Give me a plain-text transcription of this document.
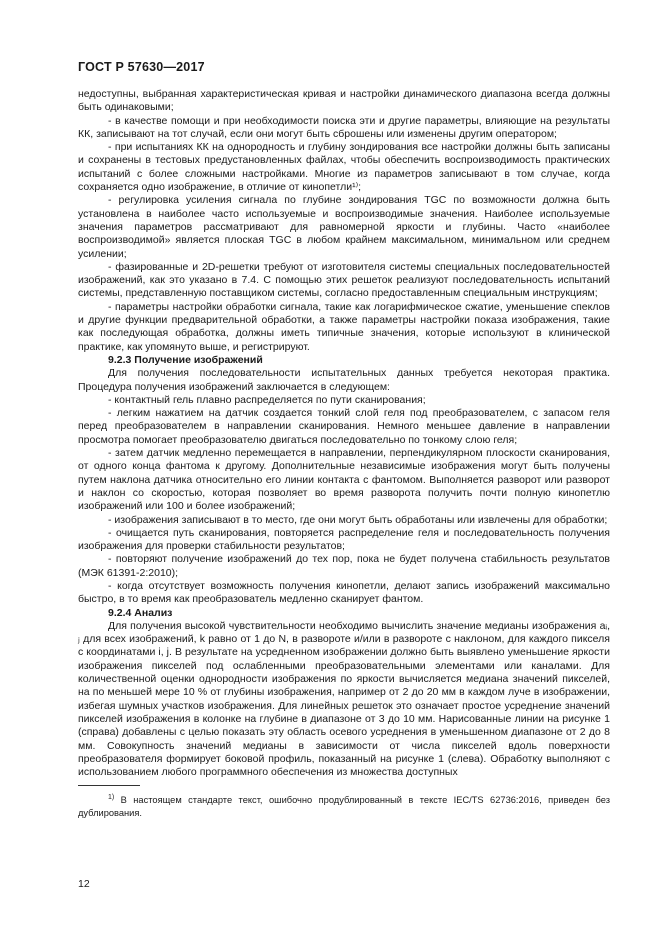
ГОСТ Р 57630—2017

недоступны, выбранная характеристическая кривая и настройки динамического диапазона всегда должны быть одинаковыми;

- в качестве помощи и при необходимости поиска эти и другие параметры, влияющие на результаты КК, записывают на тот случай, если они могут быть сброшены или изменены другим оператором;

- при испытаниях КК на однородность и глубину зондирования все настройки должны быть записаны и сохранены в тестовых предустановленных файлах, чтобы обеспечить воспроизводимость практических испытаний с более сложными настройками. Многие из параметров записывают в том случае, когда сохраняется одно изображение, в отличие от кинопетли¹⁾;

- регулировка усиления сигнала по глубине зондирования TGC по возможности должна быть установлена в наиболее часто используемые и воспроизводимые значения. Наиболее используемые значения параметров рассматривают для равномерной яркости и глубины. Часто «наиболее воспроизводимой» является плоская TGC в любом крайнем максимальном, минимальном или среднем усилении;

- фазированные и 2D-решетки требуют от изготовителя системы специальных последовательностей изображений, как это указано в 7.4. С помощью этих решеток реализуют последовательность испытаний системы, представленную поставщиком системы, согласно предоставленным специальным инструкциям;

- параметры настройки обработки сигнала, такие как логарифмическое сжатие, уменьшение спеклов и другие функции предварительной обработки, а также параметры настройки показа изображения, такие как последующая обработка, должны иметь типичные значения, которые используют в клинической практике, как упомянуто выше, и регистрируют.

9.2.3 Получение изображений

Для получения последовательности испытательных данных требуется некоторая практика. Процедура получения изображений заключается в следующем:

- контактный гель плавно распределяется по пути сканирования;

- легким нажатием на датчик создается тонкий слой геля под преобразователем, с запасом геля перед преобразователем в направлении сканирования. Немного меньшее давление в направлении просмотра помогает преобразователю двигаться последовательно по тонкому слою геля;

- затем датчик медленно перемещается в направлении, перпендикулярном плоскости сканирования, от одного конца фантома к другому. Дополнительные независимые изображения могут быть получены путем наклона датчика относительно его линии контакта с фантомом. Выполняется разворот или разворот и наклон со скоростью, которая позволяет во время разворота получить почти полную кинопетлю изображений или 100 и более изображений;

- изображения записывают в то место, где они могут быть обработаны или извлечены для обработки;

- очищается путь сканирования, повторяется распределение геля и последовательность получения изображения для проверки стабильности результатов;

- повторяют получение изображений до тех пор, пока не будет получена стабильность результатов (МЭК 61391-2:2010);

- когда отсутствует возможность получения кинопетли, делают запись изображений максимально быстро, в то время как преобразователь медленно сканирует фантом.

9.2.4 Анализ

Для получения высокой чувствительности необходимо вычислить значение медианы изображения aᵢ, ⱼ для всех изображений, k равно от 1 до N, в развороте и/или в развороте с наклоном, для каждого пикселя с координатами i, j. В результате на усредненном изображении должно быть выявлено уменьшение яркости изображения пикселей под ослабленными преобразовательными элементами или каналами. Для количественной оценки однородности изображения по яркости вычисляется медиана значений пикселей, на по меньшей мере 10 % от глубины изображения, например от 2 до 20 мм в каждом луче в изображении, избегая шумных участков изображения. Для линейных решеток это означает простое усреднение значений пикселей изображения в колонке на глубине в диапазоне от 3 до 10 мм. Нарисованные линии на рисунке 1 (справа) добавлены с целью показать эту область осевого усреднения в уменьшенном диапазоне от 2 до 8 мм. Совокупность значений медианы в зависимости от числа пикселей вдоль поверхности преобразователя формирует боковой профиль, показанный на рисунке 1 (слева). Обработку выполняют с использованием любого программного обеспечения из множества доступных

$^{1)}$ В настоящем стандарте текст, ошибочно продублированный в тексте IEC/TS 62736:2016, приведен без дублирования.

12
